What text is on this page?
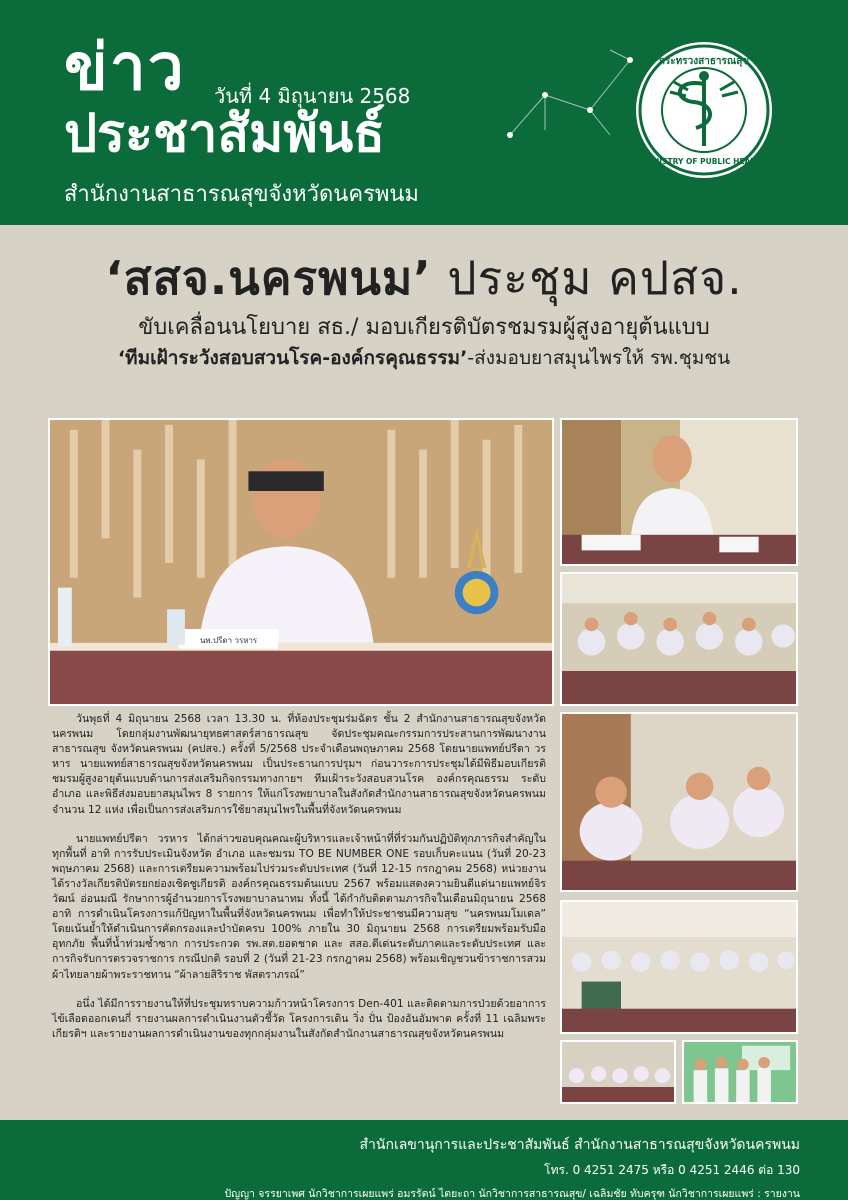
ข่าว วันที่ 4 มิถุนายน 2568
ประชาสัมพันธ์
สำนักงานสาธารณสุขจังหวัดนครพนม
กระทรวงสาธารณสุข
MINISTRY OF PUBLIC HEALTH
‘สสจ.นครพนม’ ประชุม คปสจ.
ขับเคลื่อนนโยบาย สธ./ มอบเกียรติบัตรชมรมผู้สูงอายุต้นแบบ
‘ทีมเฝ้าระวังสอบสวนโรค-องค์กรคุณธรรม’-ส่งมอบยาสมุนไพรให้ รพ.ชุมชน
นพ.ปรีดา วรหาร

วันพุธที่ 4 มิถุนายน 2568 เวลา 13.30 น. ที่ห้องประชุมร่มฉัตร ชั้น 2 สำนักงานสาธารณสุขจังหวัดนครพนม โดยกลุ่มงานพัฒนายุทธศาสตร์สาธารณสุข จัดประชุมคณะกรรมการประสานการพัฒนางานสาธารณสุข จังหวัดนครพนม (คปสจ.) ครั้งที่ 5/2568 ประจำเดือนพฤษภาคม 2568 โดยนายแพทย์ปรีดา วรหาร นายแพทย์สาธารณสุขจังหวัดนครพนม เป็นประธานการปรุมฯ ก่อนวาระการประชุมได้มีพิธีมอบเกียรติชมรมผู้สูงอายุต้นแบบด้านการส่งเสริมกิจกรรมทางกายฯ ทีมเฝ้าระวังสอบสวนโรค องค์กรคุณธรรม ระดับอำเภอ และพิธีส่งมอบยาสมุนไพร 8 รายการ ให้แก่โรงพยาบาลในสังกัดสำนักงานสาธารณสุขจังหวัดนครพนม จำนวน 12 แห่ง เพื่อเป็นการส่งเสริมการใช้ยาสมุนไพรในพื้นที่จังหวัดนครพนม

นายแพทย์ปรีดา วรหาร ได้กล่าวขอบคุณคณะผู้บริหารและเจ้าหน้าที่ที่ร่วมกันปฏิบัติทุกภารกิจสำคัญในทุกพื้นที่ อาทิ การรับประเมินจังหวัด อำเภอ และชมรม TO BE NUMBER ONE รอบเก็บคะแนน (วันที่ 20-23 พฤษภาคม 2568) และการเตรียมความพร้อมไปร่วมระดับประเทศ (วันที่ 12-15 กรกฎาคม 2568) หน่วยงานได้รางวัลเกียรติบัตรยกย่องเชิดชูเกียรติ องค์กรคุณธรรมต้นแบบ 2567 พร้อมแสดงความยินดีแด่นายแพทย์จิรวัฒน์ อ่อนมณี รักษาการผู้อำนวยการโรงพยาบาลนาทม ทั้งนี้ ได้กำกับติดตามภารกิจในเดือนมิถุนายน 2568 อาทิ การดำเนินโครงการแก้ปัญหาในพื้นที่จังหวัดนครพนม เพื่อทำให้ประชาชนมีความสุข “นครพนมโมเดล” โดยเน้นย้ำให้ดำเนินการคัดกรองและบำบัดครบ 100% ภายใน 30 มิถุนายน 2568 การเตรียมพร้อมรับมืออุทกภัย พื้นที่น้ำท่วมซ้ำซาก การประกวด รพ.สต.ยอดชาด และ สสอ.ดีเด่นระดับภาคและระดับประเทศ และการกิจรับการตรวจราชการ กรณีปกติ รอบที่ 2 (วันที่ 21-23 กรกฎาคม 2568) พร้อมเชิญชวนข้าราชการสวมผ้าไทยลายผ้าพระราชทาน “ผ้าลายสิริราช พัสตราภรณ์”

อนึ่ง ได้มีการรายงานให้ที่ประชุมทราบความก้าวหน้าโครงการ Den-401 และติดตามการป่วยด้วยอาการไข้เลือดออกเดนกี่ รายงานผลการดำเนินงานตัวชี้วัด โครงการเดิน วิ่ง ปั่น ป้องอันอัมพาต ครั้งที่ 11 เฉลิมพระเกียรติฯ และรายงานผลการดำเนินงานของทุกกลุ่มงานในสังกัดสำนักงานสาธารณสุขจังหวัดนครพนม

สำนักเลขานุการและประชาสัมพันธ์ สำนักงานสาธารณสุขจังหวัดนครพนม
โทร. 0 4251 2475 หรือ 0 4251 2446 ต่อ 130
ปัญญา จรรยาเพศ นักวิชาการเผยแพร่ อมรรัตน์ ไตยะถา นักวิชาการสาธารณสุข/ เฉลิมชัย ทับครุฑ นักวิชาการเผยแพร่ : รายงาน
